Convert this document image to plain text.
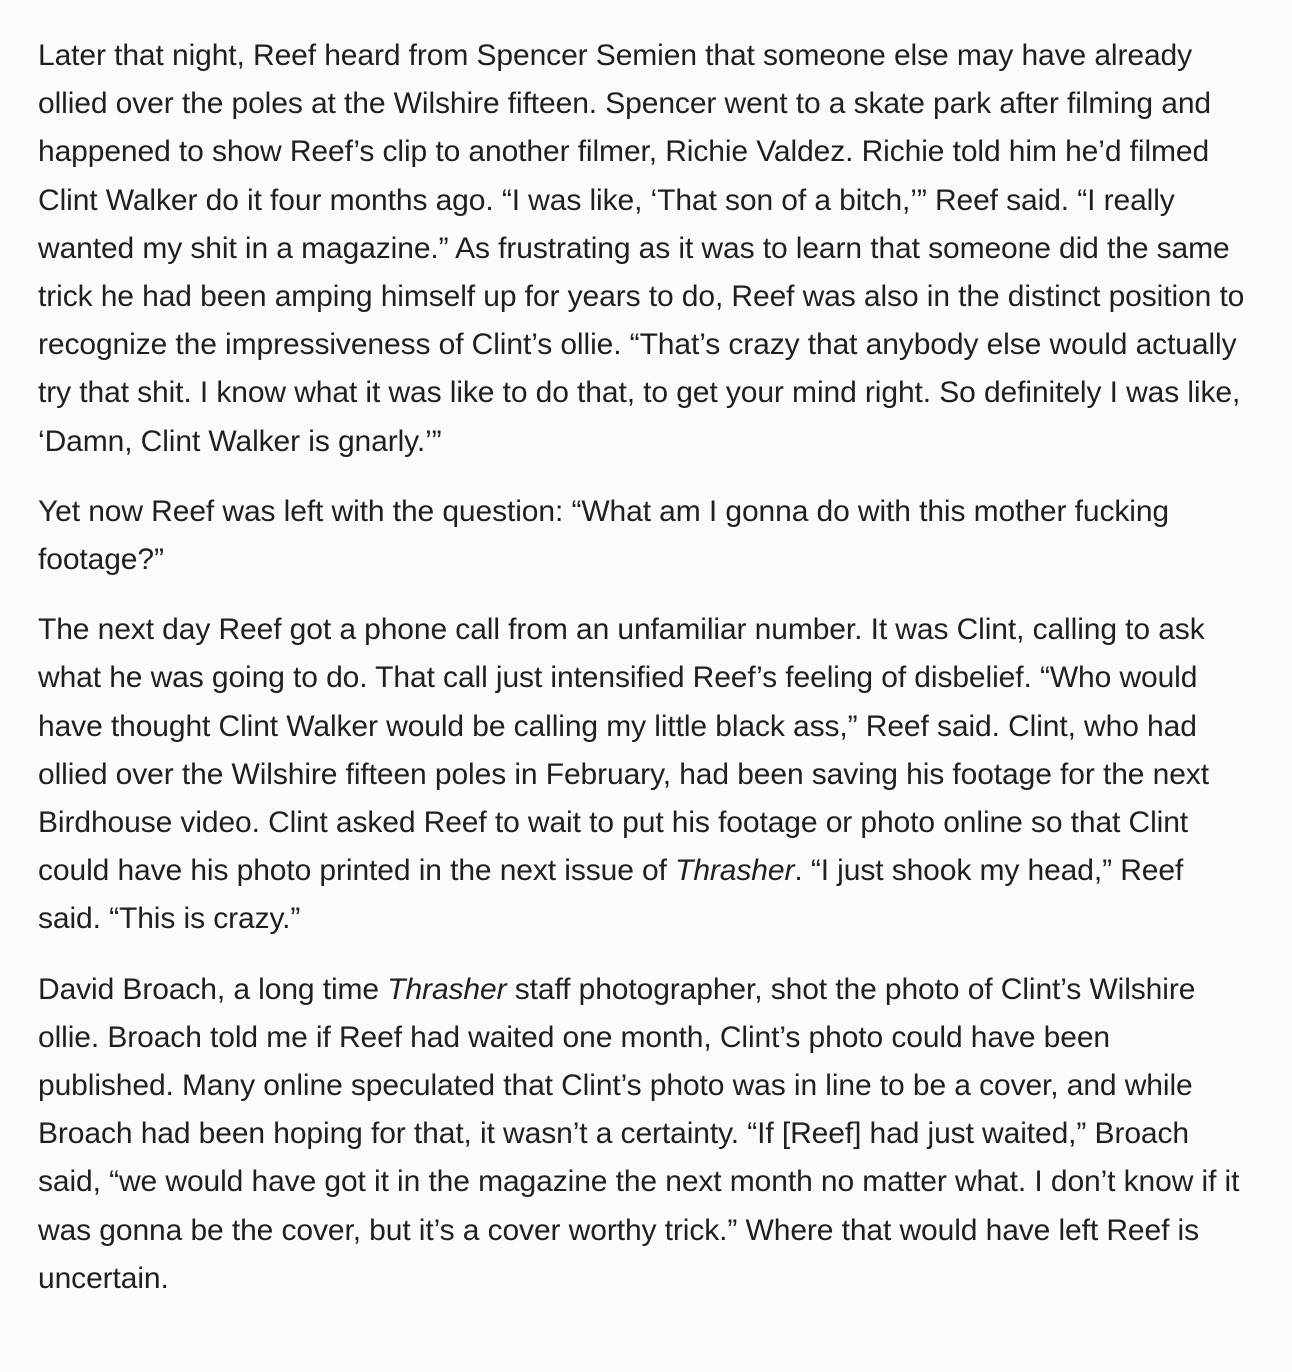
Later that night, Reef heard from Spencer Semien that someone else may have already ollied over the poles at the Wilshire fifteen. Spencer went to a skate park after filming and happened to show Reef’s clip to another filmer, Richie Valdez. Richie told him he’d filmed Clint Walker do it four months ago. “I was like, ‘That son of a bitch,’” Reef said. “I really wanted my shit in a magazine.” As frustrating as it was to learn that someone did the same trick he had been amping himself up for years to do, Reef was also in the distinct position to recognize the impressiveness of Clint’s ollie. “That’s crazy that anybody else would actually try that shit. I know what it was like to do that, to get your mind right. So definitely I was like, ‘Damn, Clint Walker is gnarly.’”

Yet now Reef was left with the question: “What am I gonna do with this mother fucking footage?”

The next day Reef got a phone call from an unfamiliar number. It was Clint, calling to ask what he was going to do. That call just intensified Reef’s feeling of disbelief. “Who would have thought Clint Walker would be calling my little black ass,” Reef said. Clint, who had ollied over the Wilshire fifteen poles in February, had been saving his footage for the next Birdhouse video. Clint asked Reef to wait to put his footage or photo online so that Clint could have his photo printed in the next issue of Thrasher. “I just shook my head,” Reef said. “This is crazy.”

David Broach, a long time Thrasher staff photographer, shot the photo of Clint’s Wilshire ollie. Broach told me if Reef had waited one month, Clint’s photo could have been published. Many online speculated that Clint’s photo was in line to be a cover, and while Broach had been hoping for that, it wasn’t a certainty. “If [Reef] had just waited,” Broach said, “we would have got it in the magazine the next month no matter what. I don’t know if it was gonna be the cover, but it’s a cover worthy trick.” Where that would have left Reef is uncertain.
